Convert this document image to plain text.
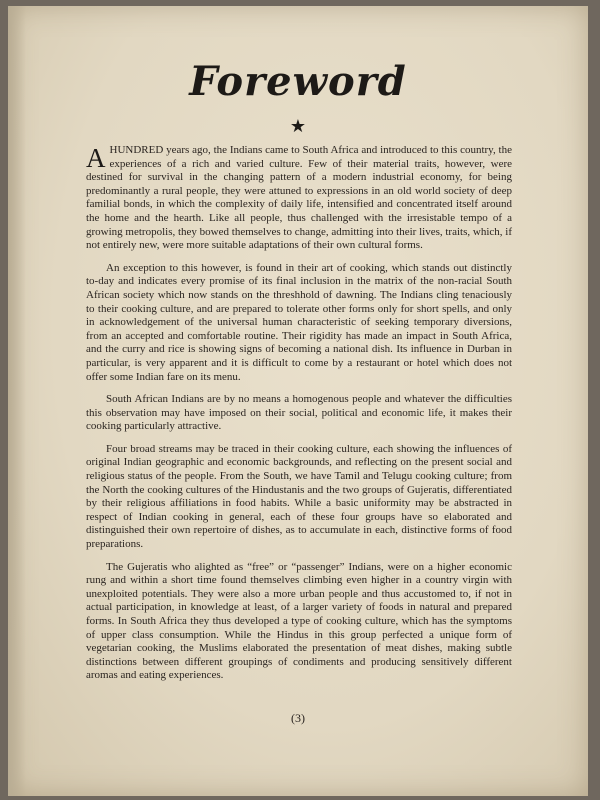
Foreword
★

AHUNDRED years ago, the Indians came to South Africa and introduced to this country, the experiences of a rich and varied culture. Few of their material traits, however, were destined for survival in the changing pattern of a modern industrial economy, for being predominantly a rural people, they were attuned to expressions in an old world society of deep familial bonds, in which the complexity of daily life, intensified and concentrated itself around the home and the hearth. Like all people, thus challenged with the irresistable tempo of a growing metropolis, they bowed themselves to change, admitting into their lives, traits, which, if not entirely new, were more suitable adaptations of their own cultural forms.

An exception to this however, is found in their art of cooking, which stands out distinctly to-day and indicates every promise of its final inclusion in the matrix of the non-racial South African society which now stands on the threshhold of dawning. The Indians cling tenaciously to their cooking culture, and are prepared to tolerate other forms only for short spells, and only in acknowledgement of the universal human characteristic of seeking temporary diversions, from an accepted and comfortable routine. Their rigidity has made an impact in South Africa, and the curry and rice is showing signs of becoming a national dish. Its influence in Durban in particular, is very apparent and it is difficult to come by a restaurant or hotel which does not offer some Indian fare on its menu.

South African Indians are by no means a homogenous people and whatever the difficulties this observation may have imposed on their social, political and economic life, it makes their cooking particularly attractive.

Four broad streams may be traced in their cooking culture, each showing the influences of original Indian geographic and economic backgrounds, and reflecting on the present social and religious status of the people. From the South, we have Tamil and Telugu cooking culture; from the North the cooking cultures of the Hindustanis and the two groups of Gujeratis, differentiated by their religious affiliations in food habits. While a basic uniformity may be abstracted in respect of Indian cooking in general, each of these four groups have so elaborated and distinguished their own repertoire of dishes, as to accumulate in each, distinctive forms of food preparations.

The Gujeratis who alighted as “free” or “passenger” Indians, were on a higher economic rung and within a short time found themselves climbing even higher in a country virgin with unexploited potentials. They were also a more urban people and thus accustomed to, if not in actual participation, in knowledge at least, of a larger variety of foods in natural and prepared forms. In South Africa they thus developed a type of cooking culture, which has the symptoms of upper class consumption. While the Hindus in this group perfected a unique form of vegetarian cooking, the Muslims elaborated the presentation of meat dishes, making subtle distinctions between different groupings of condiments and producing sensitively different aromas and eating experiences.

(3)
